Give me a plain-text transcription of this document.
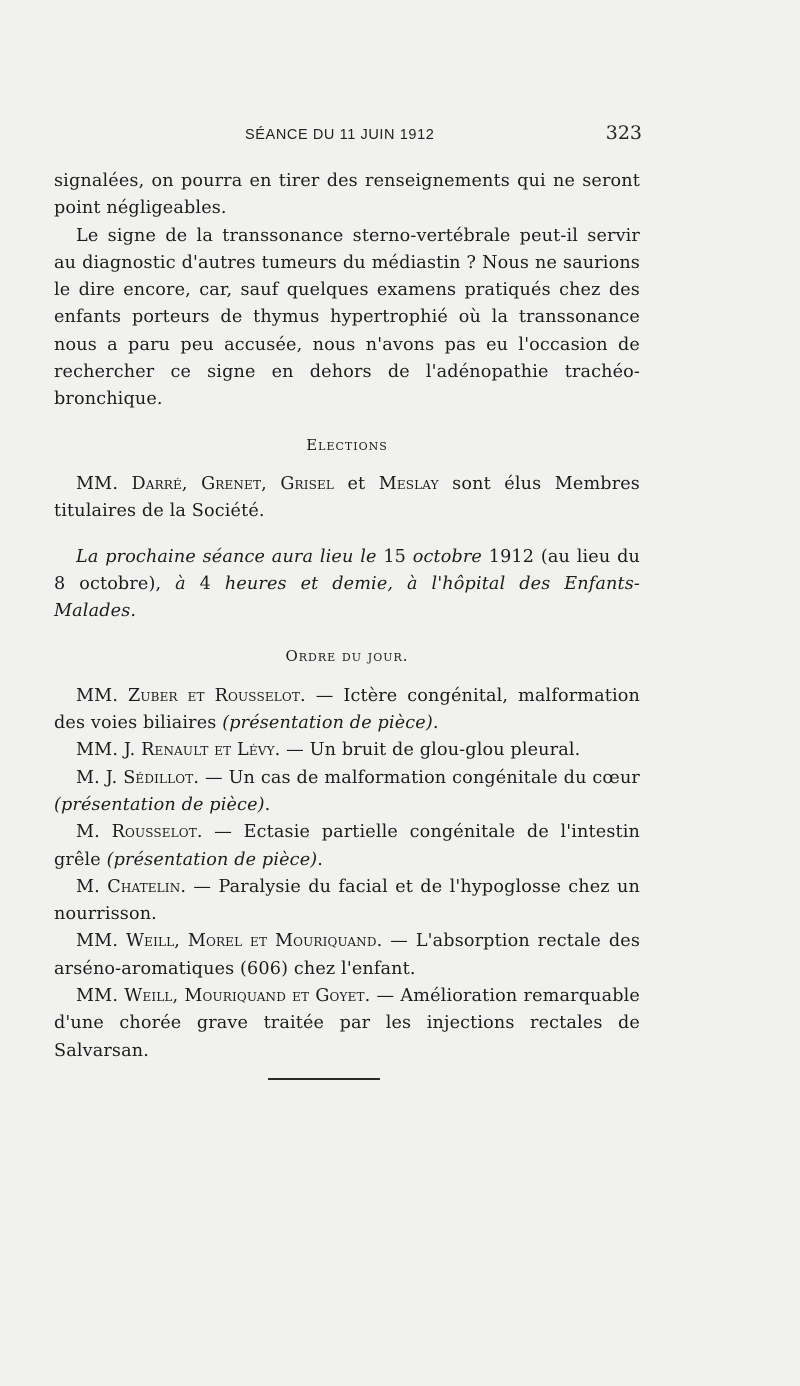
SÉANCE DU 11 JUIN 1912	323

signalées, on pourra en tirer des renseignements qui ne seront point négligeables.

Le signe de la transsonance sterno-vertébrale peut-il servir au diagnostic d'autres tumeurs du médiastin ? Nous ne saurions le dire encore, car, sauf quelques examens pratiqués chez des enfants porteurs de thymus hypertrophié où la transsonance nous a paru peu accusée, nous n'avons pas eu l'occasion de rechercher ce signe en dehors de l'adénopathie trachéo-bronchique.

Elections

MM. Darré, Grenet, Grisel et Meslay sont élus Membres titulaires de la Société.

La prochaine séance aura lieu le 15 octobre 1912 (au lieu du 8 octobre), à 4 heures et demie, à l'hôpital des Enfants-Malades.

Ordre du jour.

MM. Zuber et Rousselot. — Ictère congénital, malformation des voies biliaires (présentation de pièce).

MM. J. Renault et Lévy. — Un bruit de glou-glou pleural.

M. J. Sédillot. — Un cas de malformation congénitale du cœur (présentation de pièce).

M. Rousselot. — Ectasie partielle congénitale de l'intestin grêle (présentation de pièce).

M. Chatelin. — Paralysie du facial et de l'hypoglosse chez un nourrisson.

MM. Weill, Morel et Mouriquand. — L'absorption rectale des arséno-aromatiques (606) chez l'enfant.

MM. Weill, Mouriquand et Goyet. — Amélioration remarquable d'une chorée grave traitée par les injections rectales de Salvarsan.
